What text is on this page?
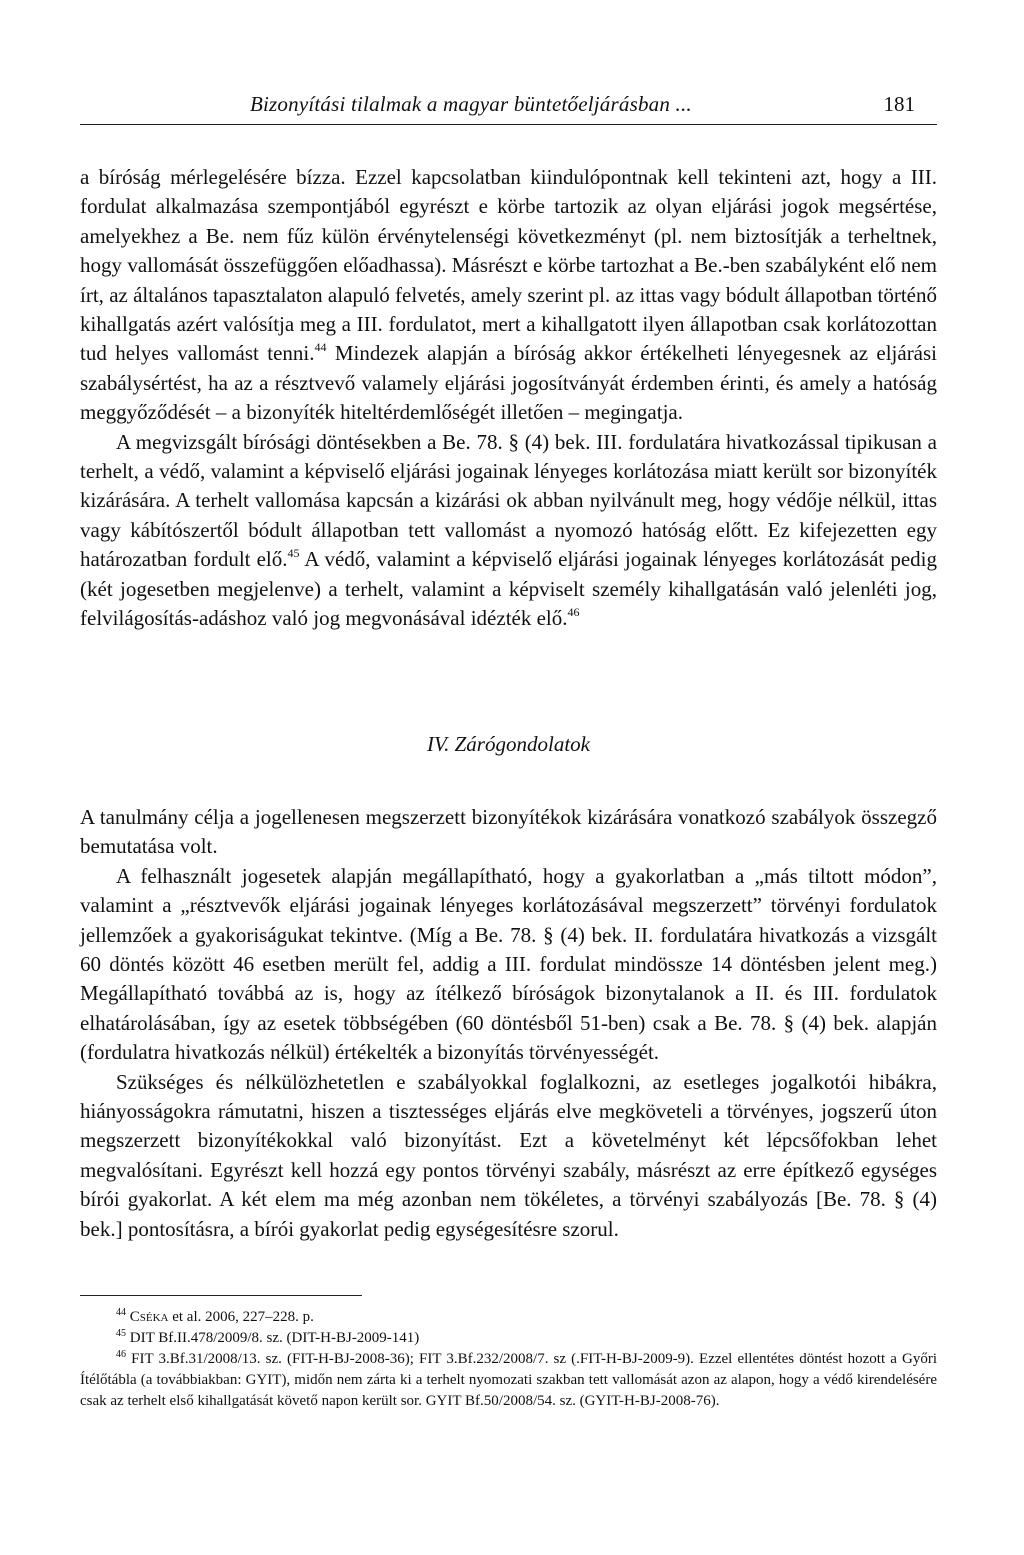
Bizonyítási tilalmak a magyar büntetőeljárásban ...	181

a bíróság mérlegelésére bízza. Ezzel kapcsolatban kiindulópontnak kell tekinteni azt, hogy a III. fordulat alkalmazása szempontjából egyrészt e körbe tartozik az olyan eljárási jogok megsértése, amelyekhez a Be. nem fűz külön érvénytelenségi következményt (pl. nem biztosítják a terheltnek, hogy vallomását összefüggően előadhassa). Másrészt e körbe tartozhat a Be.-ben szabályként elő nem írt, az általános tapasztalaton alapuló felvetés, amely szerint pl. az ittas vagy bódult állapotban történő kihallgatás azért valósítja meg a III. fordulatot, mert a kihallgatott ilyen állapotban csak korlátozottan tud helyes vallomást tenni.$^{44}$ Mindezek alapján a bíróság akkor értékelheti lényegesnek az eljárási szabálysértést, ha az a résztvevő valamely eljárási jogosítványát érdemben érinti, és amely a hatóság meggyőződését – a bizonyíték hiteltérdemlőségét illetően – megingatja.

A megvizsgált bírósági döntésekben a Be. 78. § (4) bek. III. fordulatára hivatkozással tipikusan a terhelt, a védő, valamint a képviselő eljárási jogainak lényeges korlátozása miatt került sor bizonyíték kizárására. A terhelt vallomása kapcsán a kizárási ok abban nyilvánult meg, hogy védője nélkül, ittas vagy kábítószertől bódult állapotban tett vallomást a nyomozó hatóság előtt. Ez kifejezetten egy határozatban fordult elő.$^{45}$ A védő, valamint a képviselő eljárási jogainak lényeges korlátozását pedig (két jogesetben megjelenve) a terhelt, valamint a képviselt személy kihallgatásán való jelenléti jog, felvilágosítás-adáshoz való jog megvonásával idézték elő.$^{46}$

IV. Zárógondolatok

A tanulmány célja a jogellenesen megszerzett bizonyítékok kizárására vonatkozó szabályok összegző bemutatása volt.

A felhasznált jogesetek alapján megállapítható, hogy a gyakorlatban a „más tiltott módon”, valamint a „résztvevők eljárási jogainak lényeges korlátozásával megszerzett” törvényi fordulatok jellemzőek a gyakoriságukat tekintve. (Míg a Be. 78. § (4) bek. II. fordulatára hivatkozás a vizsgált 60 döntés között 46 esetben merült fel, addig a III. fordulat mindössze 14 döntésben jelent meg.) Megállapítható továbbá az is, hogy az ítélkező bíróságok bizonytalanok a II. és III. fordulatok elhatárolásában, így az esetek többségében (60 döntésből 51-ben) csak a Be. 78. § (4) bek. alapján (fordulatra hivatkozás nélkül) értékelték a bizonyítás törvényességét.

Szükséges és nélkülözhetetlen e szabályokkal foglalkozni, az esetleges jogalkotói hibákra, hiányosságokra rámutatni, hiszen a tisztességes eljárás elve megköveteli a törvényes, jogszerű úton megszerzett bizonyítékokkal való bizonyítást. Ezt a követelményt két lépcsőfokban lehet megvalósítani. Egyrészt kell hozzá egy pontos törvényi szabály, másrészt az erre építkező egységes bírói gyakorlat. A két elem ma még azonban nem tökéletes, a törvényi szabályozás [Be. 78. § (4) bek.] pontosításra, a bírói gyakorlat pedig egységesítésre szorul.

$^{44}$ Cséka et al. 2006, 227–228. p.

$^{45}$ DIT Bf.II.478/2009/8. sz. (DIT-H-BJ-2009-141)

$^{46}$ FIT 3.Bf.31/2008/13. sz. (FIT-H-BJ-2008-36); FIT 3.Bf.232/2008/7. sz (.FIT-H-BJ-2009-9). Ezzel ellentétes döntést hozott a Győri Ítélőtábla (a továbbiakban: GYIT), midőn nem zárta ki a terhelt nyomozati szakban tett vallomását azon az alapon, hogy a védő kirendelésére csak az terhelt első kihallgatását követő napon került sor. GYIT Bf.50/2008/54. sz. (GYIT-H-BJ-2008-76).
